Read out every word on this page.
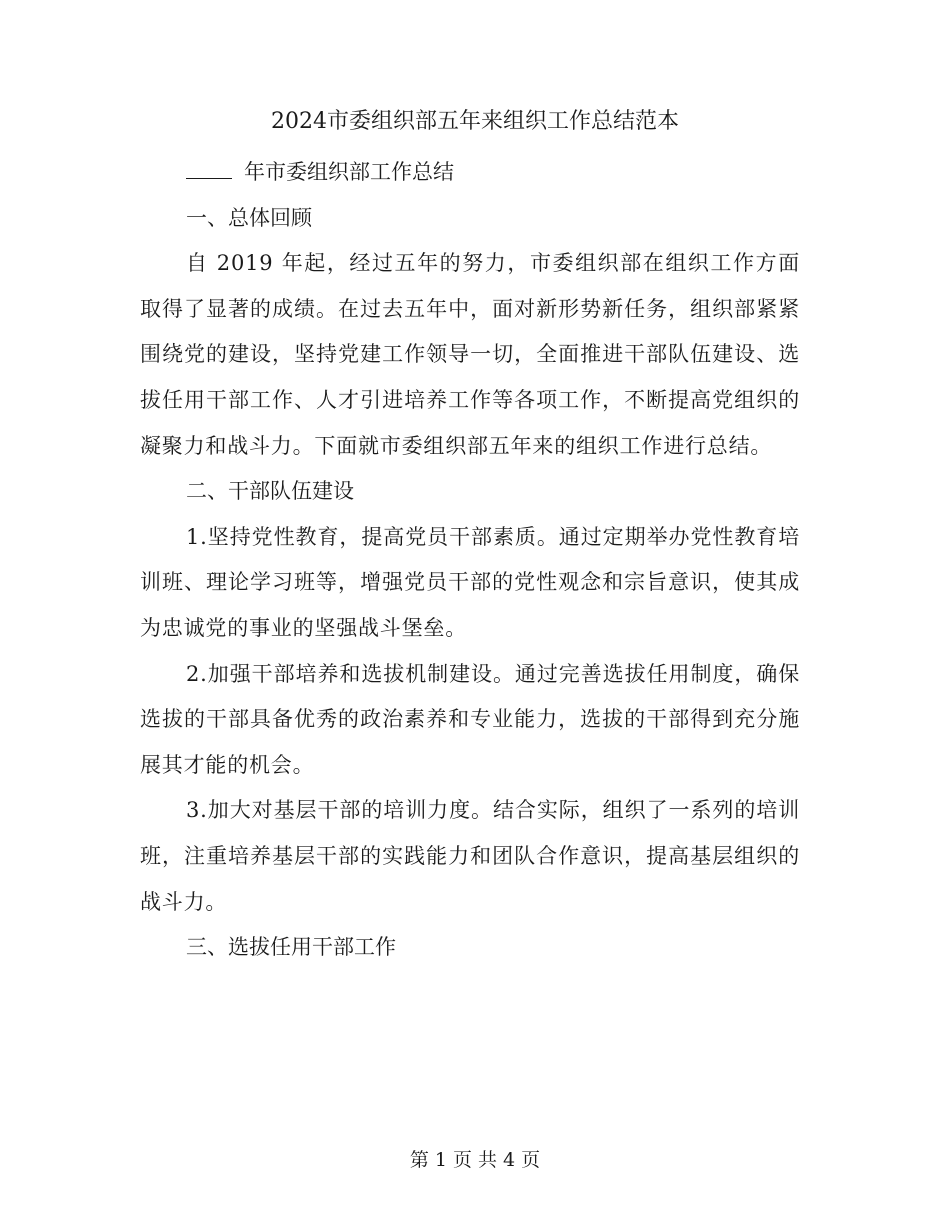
2024市委组织部五年来组织工作总结范本
年市委组织部工作总结
一、总体回顾
自 2019 年起，经过五年的努力，市委组织部在组织工作方面取得了显著的成绩。在过去五年中，面对新形势新任务，组织部紧紧围绕党的建设，坚持党建工作领导一切，全面推进干部队伍建设、选拔任用干部工作、人才引进培养工作等各项工作，不断提高党组织的凝聚力和战斗力。下面就市委组织部五年来的组织工作进行总结。
二、干部队伍建设
1.坚持党性教育，提高党员干部素质。通过定期举办党性教育培训班、理论学习班等，增强党员干部的党性观念和宗旨意识，使其成为忠诚党的事业的坚强战斗堡垒。
2.加强干部培养和选拔机制建设。通过完善选拔任用制度，确保选拔的干部具备优秀的政治素养和专业能力，选拔的干部得到充分施展其才能的机会。
3.加大对基层干部的培训力度。结合实际，组织了一系列的培训班，注重培养基层干部的实践能力和团队合作意识，提高基层组织的战斗力。
三、选拔任用干部工作
第 1 页 共 4 页
